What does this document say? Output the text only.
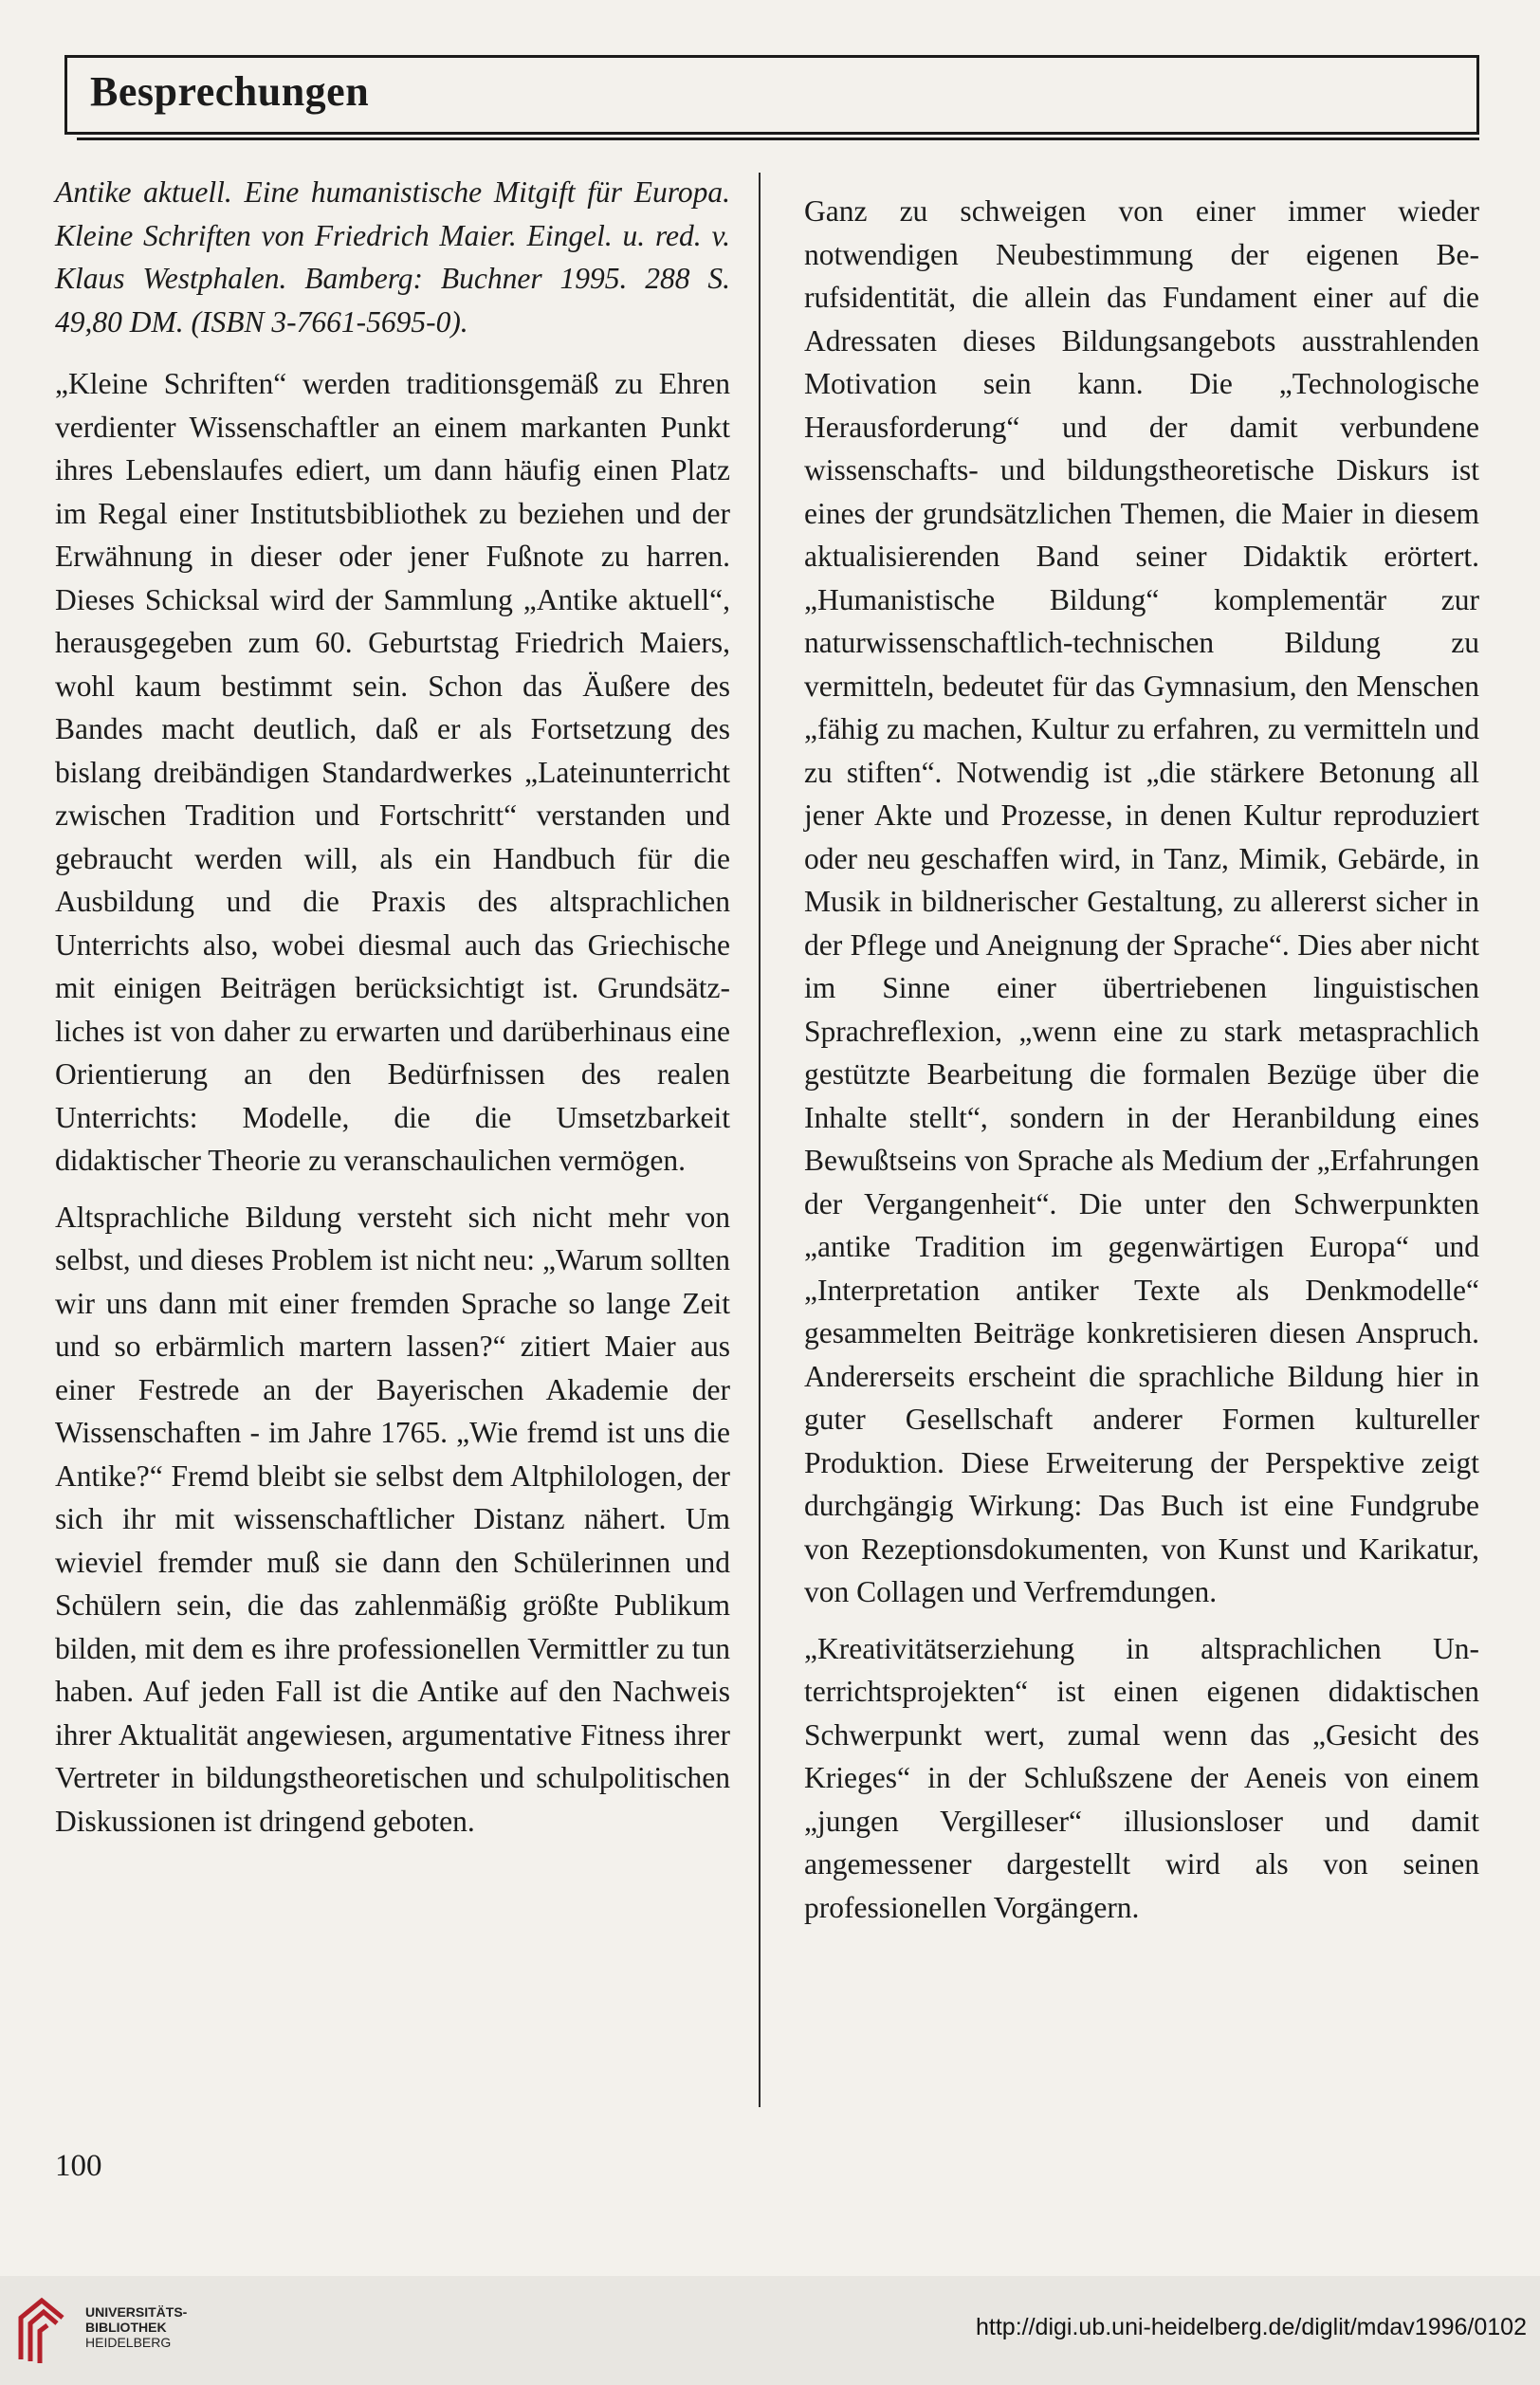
Besprechungen

Antike aktuell. Eine humanistische Mitgift für Europa. Kleine Schriften von Friedrich Maier. Eingel. u. red. v. Klaus Westphalen. Bamberg: Buchner 1995. 288 S. 49,80 DM. (ISBN 3-7661-5695-0).

„Kleine Schriften“ werden traditionsgemäß zu Ehren verdienter Wissenschaftler an einem markanten Punkt ihres Lebenslaufes ediert, um dann häufig einen Platz im Regal einer Institutsbibliothek zu beziehen und der Erwähnung in dieser oder jener Fußnote zu harren. Dieses Schicksal wird der Sammlung „Antike aktuell“, herausgegeben zum 60. Geburtstag Friedrich Maiers, wohl kaum bestimmt sein. Schon das Äußere des Bandes macht deutlich, daß er als Fortsetzung des bislang dreibändigen Standardwerkes „Lateinunterricht zwischen Tradition und Fortschritt“ verstanden und gebraucht werden will, als ein Handbuch für die Ausbildung und die Praxis des altsprachlichen Unterrichts also, wobei diesmal auch das Griechische mit einigen Beiträgen berücksichtigt ist. Grundsätzliches ist von daher zu erwarten und darüberhinaus eine Orientierung an den Bedürfnissen des realen Unterrichts: Modelle, die die Umsetzbarkeit didaktischer Theorie zu veranschaulichen vermögen.

Altsprachliche Bildung versteht sich nicht mehr von selbst, und dieses Problem ist nicht neu: „Warum sollten wir uns dann mit einer fremden Sprache so lange Zeit und so erbärmlich martern lassen?“ zitiert Maier aus einer Festrede an der Bayerischen Akademie der Wissenschaften - im Jahre 1765. „Wie fremd ist uns die Antike?“ Fremd bleibt sie selbst dem Altphilologen, der sich ihr mit wissenschaftlicher Distanz nähert. Um wieviel fremder muß sie dann den Schülerinnen und Schülern sein, die das zahlenmäßig größte Publikum bilden, mit dem es ihre professionellen Vermittler zu tun haben. Auf jeden Fall ist die Antike auf den Nachweis ihrer Aktualität angewiesen, argumentative Fitness ihrer Vertreter in bildungstheoretischen und schulpolitischen Diskussionen ist dringend geboten.

Ganz zu schweigen von einer immer wieder notwendigen Neubestimmung der eigenen Berufsidentität, die allein das Fundament einer auf die Adressaten dieses Bildungsangebots ausstrahlenden Motivation sein kann. Die „Technologische Herausforderung“ und der damit verbundene wissenschafts- und bildungstheoretische Diskurs ist eines der grundsätzlichen Themen, die Maier in diesem aktualisierenden Band seiner Didaktik erörtert. „Humanistische Bildung“ komplementär zur naturwissenschaftlich-technischen Bildung zu vermitteln, bedeutet für das Gymnasium, den Menschen „fähig zu machen, Kultur zu erfahren, zu vermitteln und zu stiften“. Notwendig ist „die stärkere Betonung all jener Akte und Prozesse, in denen Kultur reproduziert oder neu geschaffen wird, in Tanz, Mimik, Gebärde, in Musik in bildnerischer Gestaltung, zu allererst sicher in der Pflege und Aneignung der Sprache“. Dies aber nicht im Sinne einer übertriebenen linguistischen Sprachreflexion, „wenn eine zu stark metasprachlich gestützte Bearbeitung die formalen Bezüge über die Inhalte stellt“, sondern in der Heranbildung eines Bewußtseins von Sprache als Medium der „Erfahrungen der Vergangenheit“. Die unter den Schwerpunkten „antike Tradition im gegenwärtigen Europa“ und „Interpretation antiker Texte als Denkmodelle“ gesammelten Beiträge konkretisieren diesen Anspruch. Andererseits erscheint die sprachliche Bildung hier in guter Gesellschaft anderer Formen kultureller Produktion. Diese Erweiterung der Perspektive zeigt durchgängig Wirkung: Das Buch ist eine Fundgrube von Rezeptionsdokumenten, von Kunst und Karikatur, von Collagen und Verfremdungen.

„Kreativitätserziehung in altsprachlichen Unterrichtsprojekten“ ist einen eigenen didaktischen Schwerpunkt wert, zumal wenn das „Gesicht des Krieges“ in der Schlußszene der Aeneis von einem „jungen Vergilleser“ illusionsloser und damit angemessener dargestellt wird als von seinen professionellen Vorgängern.

100
UNIVERSITÄTS-
BIBLIOTHEK
HEIDELBERG
http://digi.ub.uni-heidelberg.de/diglit/mdav1996/0102
